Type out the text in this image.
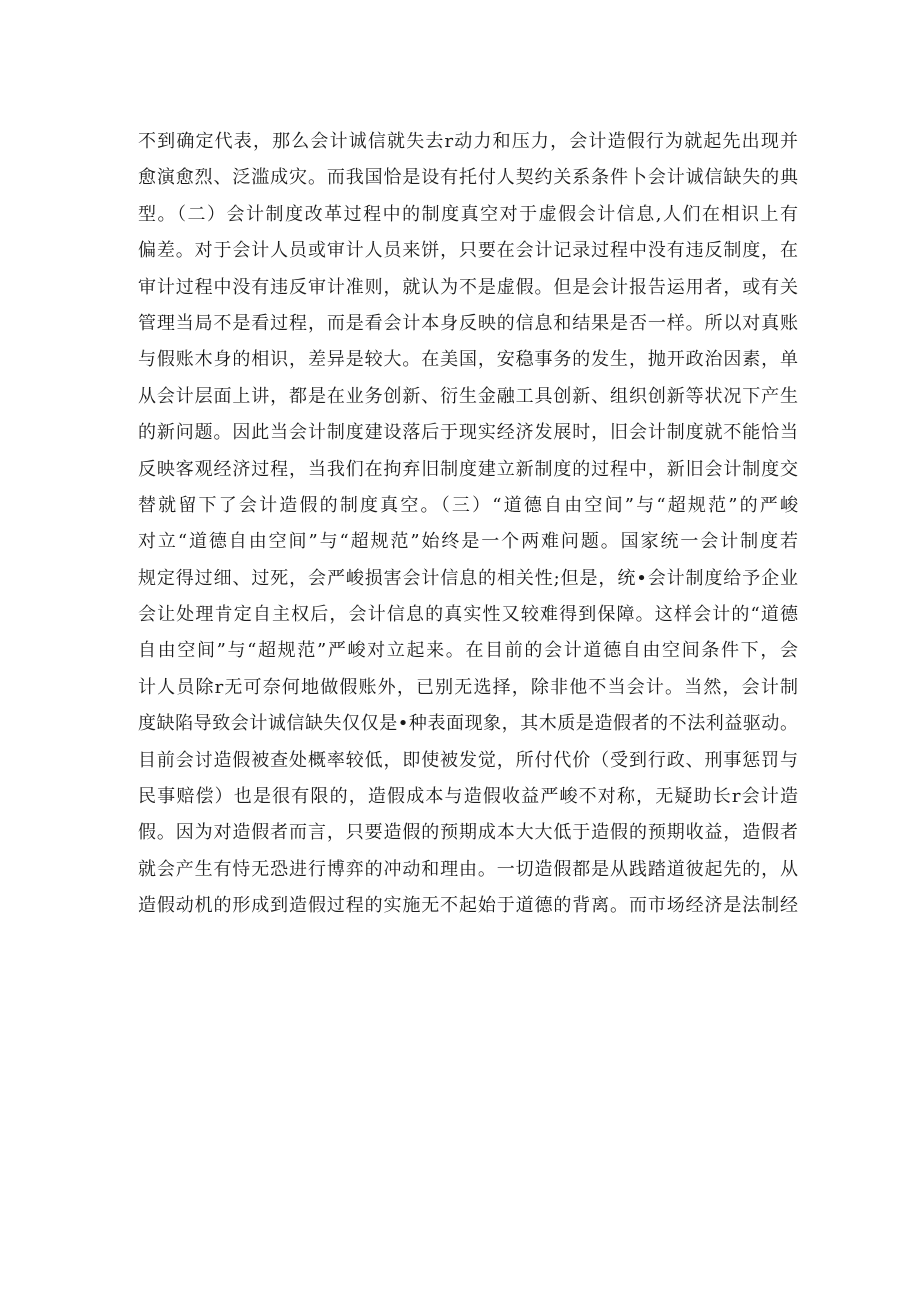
不到确定代表，那么会计诚信就失去r动力和压力，会计造假行为就起先出现并
愈演愈烈、泛滥成灾。而我国恰是设有托付人契约关系条件卜会计诚信缺失的典
型。（二）会计制度改革过程中的制度真空对于虚假会计信息,人们在相识上有
偏差。对于会计人员或审计人员来饼，只要在会计记录过程中没有违反制度，在
审计过程中没有违反审计准则，就认为不是虚假。但是会计报告运用者，或有关
管理当局不是看过程，而是看会计本身反映的信息和结果是否一样。所以对真账
与假账木身的相识，差异是较大。在美国，安稳事务的发生，抛开政治因素，单
从会计层面上讲，都是在业务创新、衍生金融工具创新、组织创新等状况下产生
的新问题。因此当会计制度建设落后于现实经济发展时，旧会计制度就不能恰当
反映客观经济过程，当我们在拘弃旧制度建立新制度的过程中，新旧会计制度交
替就留下了会计造假的制度真空。（三）“道德自由空间”与“超规范”的严峻
对立“道德自由空间”与“超规范”始终是一个两难问题。国家统一会计制度若
规定得过细、过死，会严峻损害会计信息的相关性;但是，统•会计制度给予企业
会让处理肯定自主权后，会计信息的真实性又较难得到保障。这样会计的“道德
自由空间”与“超规范”严峻对立起来。在目前的会计道德自由空间条件下，会
计人员除r无可奈何地做假账外，已别无选择，除非他不当会计。当然，会计制
度缺陷导致会计诚信缺失仅仅是•种表面现象，其木质是造假者的不法利益驱动。
目前会讨造假被查处概率较低，即使被发觉，所付代价（受到行政、刑事惩罚与
民事赔偿）也是很有限的，造假成本与造假收益严峻不对称，无疑助长r会计造
假。因为对造假者而言，只要造假的预期成本大大低于造假的预期收益，造假者
就会产生有恃无恐进行博弈的冲动和理由。一切造假都是从践踏道彼起先的，从
造假动机的形成到造假过程的实施无不起始于道德的背离。而市场经济是法制经
